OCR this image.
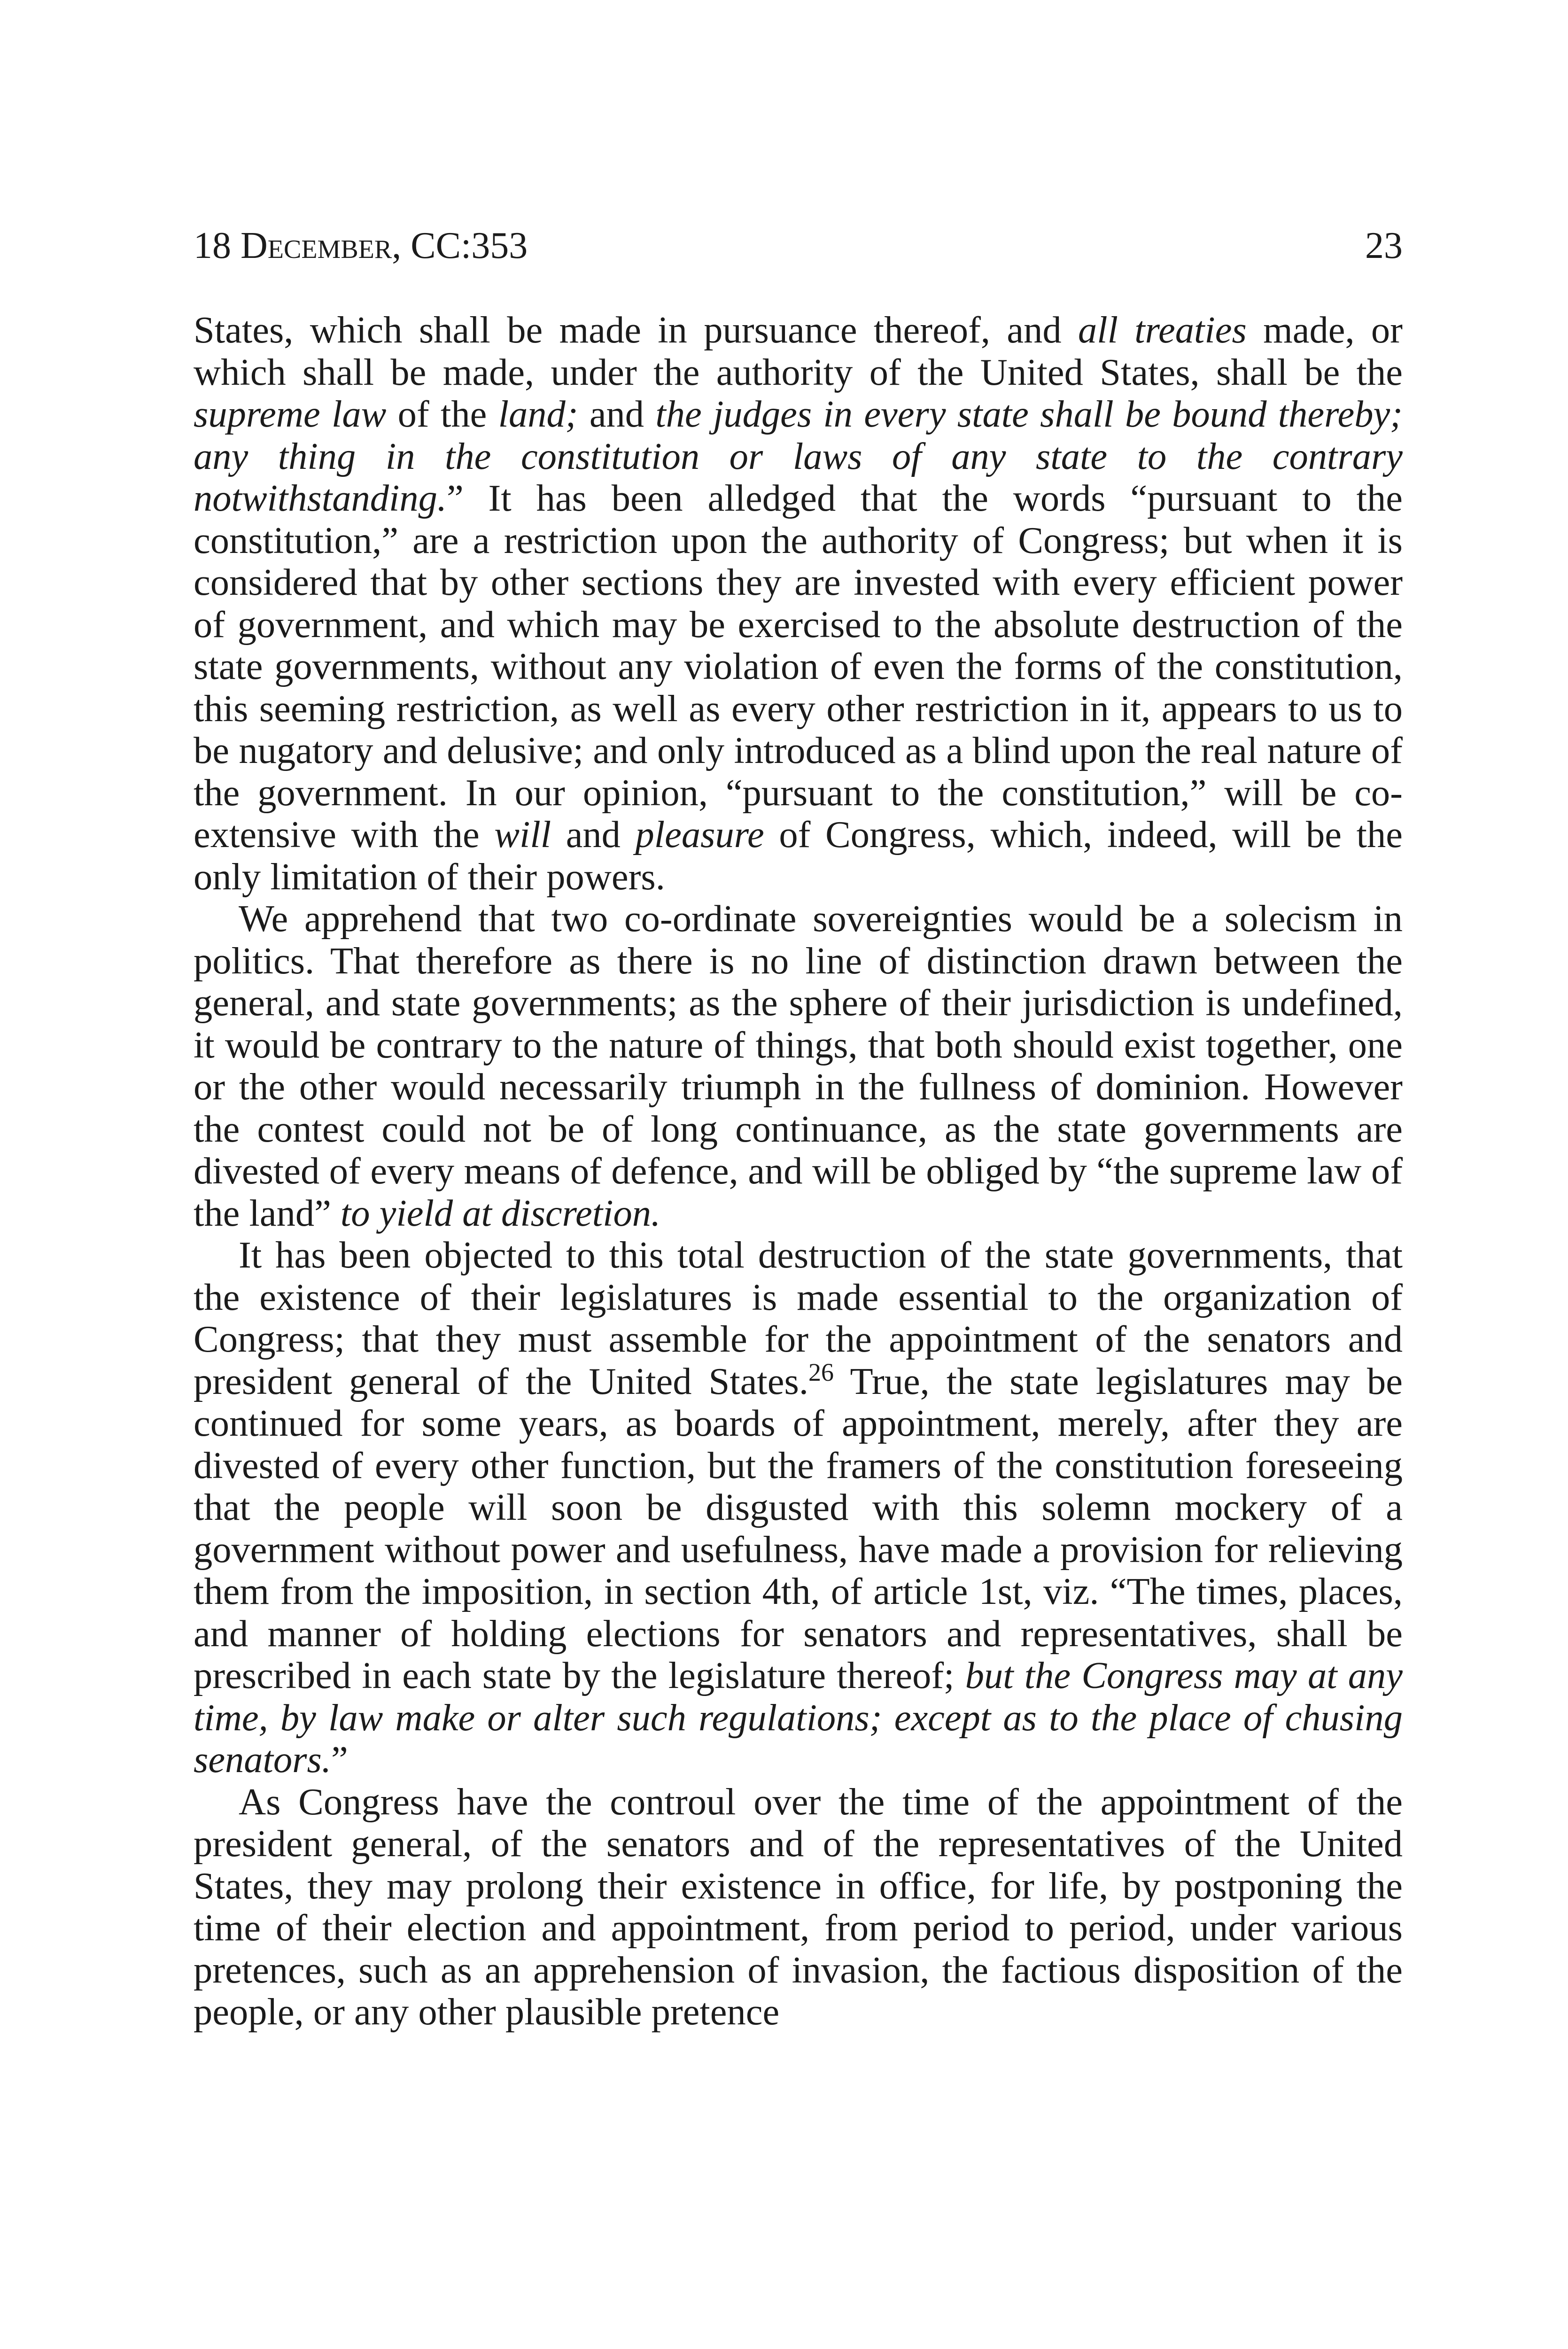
18 December, CC:353	23

States, which shall be made in pursuance thereof, and all treaties made, or which shall be made, under the authority of the United States, shall be the supreme law of the land; and the judges in every state shall be bound thereby; any thing in the constitution or laws of any state to the contrary notwithstanding.” It has been alledged that the words “pursuant to the constitution,” are a restriction upon the authority of Congress; but when it is considered that by other sections they are invested with every efficient power of government, and which may be exercised to the absolute destruction of the state governments, without any violation of even the forms of the constitution, this seeming restriction, as well as every other restriction in it, appears to us to be nugatory and delusive; and only introduced as a blind upon the real nature of the government. In our opinion, “pursuant to the constitution,” will be co-extensive with the will and pleasure of Congress, which, indeed, will be the only limitation of their powers.

We apprehend that two co-ordinate sovereignties would be a solecism in politics. That therefore as there is no line of distinction drawn between the general, and state governments; as the sphere of their jurisdiction is undefined, it would be contrary to the nature of things, that both should exist together, one or the other would necessarily triumph in the fullness of dominion. However the contest could not be of long continuance, as the state governments are divested of every means of defence, and will be obliged by “the supreme law of the land” to yield at discretion.

It has been objected to this total destruction of the state governments, that the existence of their legislatures is made essential to the organization of Congress; that they must assemble for the appointment of the senators and president general of the United States.$^{26}$ True, the state legislatures may be continued for some years, as boards of appointment, merely, after they are divested of every other function, but the framers of the constitution foreseeing that the people will soon be disgusted with this solemn mockery of a government without power and usefulness, have made a provision for relieving them from the imposition, in section 4th, of article 1st, viz. “The times, places, and manner of holding elections for senators and representatives, shall be prescribed in each state by the legislature thereof; but the Congress may at any time, by law make or alter such regulations; except as to the place of chusing senators.”

As Congress have the controul over the time of the appointment of the president general, of the senators and of the representatives of the United States, they may prolong their existence in office, for life, by postponing the time of their election and appointment, from period to period, under various pretences, such as an apprehension of invasion, the factious disposition of the people, or any other plausible pretence
